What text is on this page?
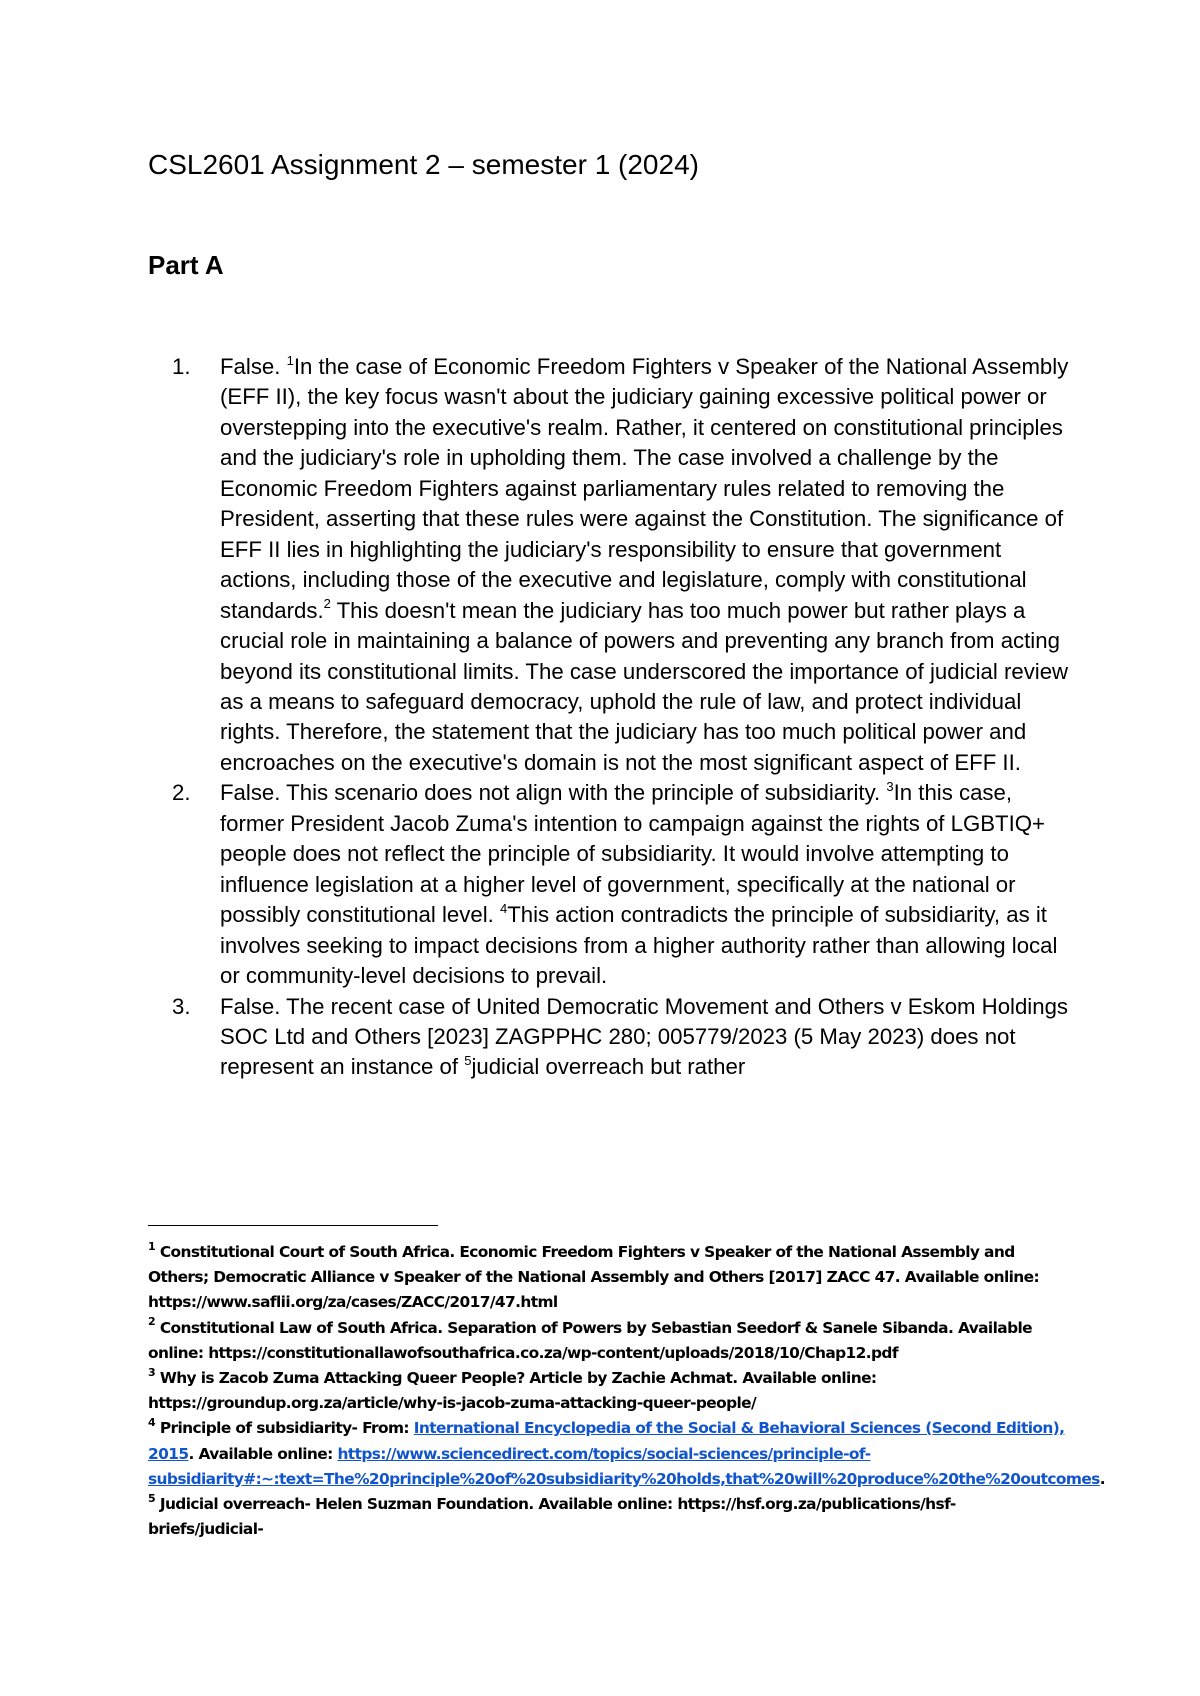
CSL2601 Assignment 2 – semester 1 (2024)
Part A
1. False. $^1$In the case of Economic Freedom Fighters v Speaker of the National Assembly (EFF II), the key focus wasn't about the judiciary gaining excessive political power or overstepping into the executive's realm. Rather, it centered on constitutional principles and the judiciary's role in upholding them. The case involved a challenge by the Economic Freedom Fighters against parliamentary rules related to removing the President, asserting that these rules were against the Constitution. The significance of EFF II lies in highlighting the judiciary's responsibility to ensure that government actions, including those of the executive and legislature, comply with constitutional standards.$^2$ This doesn't mean the judiciary has too much power but rather plays a crucial role in maintaining a balance of powers and preventing any branch from acting beyond its constitutional limits. The case underscored the importance of judicial review as a means to safeguard democracy, uphold the rule of law, and protect individual rights. Therefore, the statement that the judiciary has too much political power and encroaches on the executive's domain is not the most significant aspect of EFF II.
2. False. This scenario does not align with the principle of subsidiarity. $^3$In this case, former President Jacob Zuma's intention to campaign against the rights of LGBTIQ+ people does not reflect the principle of subsidiarity. It would involve attempting to influence legislation at a higher level of government, specifically at the national or possibly constitutional level. $^4$This action contradicts the principle of subsidiarity, as it involves seeking to impact decisions from a higher authority rather than allowing local or community-level decisions to prevail.
3. False. The recent case of United Democratic Movement and Others v Eskom Holdings SOC Ltd and Others [2023] ZAGPPHC 280; 005779/2023 (5 May 2023) does not represent an instance of $^5$judicial overreach but rather

$^1$ Constitutional Court of South Africa. Economic Freedom Fighters v Speaker of the National Assembly and Others; Democratic Alliance v Speaker of the National Assembly and Others [2017] ZACC 47. Available online: https://www.saflii.org/za/cases/ZACC/2017/47.html

$^2$ Constitutional Law of South Africa. Separation of Powers by Sebastian Seedorf & Sanele Sibanda. Available online: https://constitutionallawofsouthafrica.co.za/wp-content/uploads/2018/10/Chap12.pdf

$^3$ Why is Zacob Zuma Attacking Queer People? Article by Zachie Achmat. Available online: https://groundup.org.za/article/why-is-jacob-zuma-attacking-queer-people/

$^4$ Principle of subsidiarity- From: International Encyclopedia of the Social & Behavioral Sciences (Second Edition), 2015. Available online: https://www.sciencedirect.com/topics/social-sciences/principle-of-subsidiarity#:~:text=The%20principle%20of%20subsidiarity%20holds,that%20will%20produce%20the%20outcomes.

$^5$ Judicial overreach- Helen Suzman Foundation. Available online: https://hsf.org.za/publications/hsf-briefs/judicial-
